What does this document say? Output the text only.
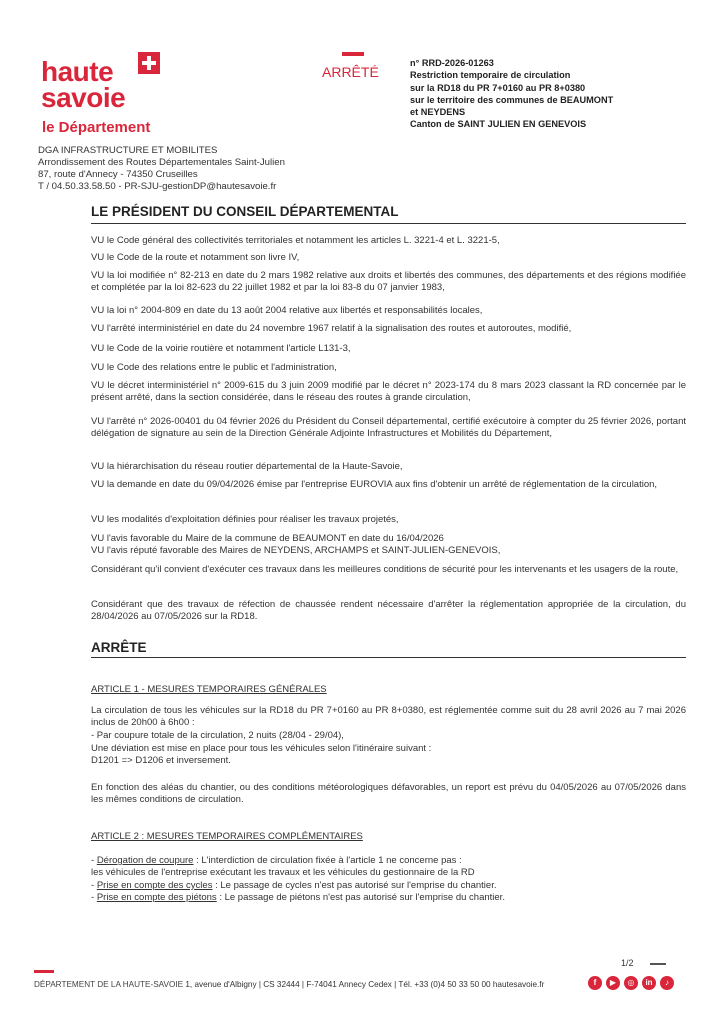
haute
savoie
le Département
ARRÊTÉ
n° RRD-2026-01263
Restriction temporaire de circulation
sur la RD18 du PR 7+0160 au PR 8+0380
sur le territoire des communes de BEAUMONT
et NEYDENS
Canton de SAINT JULIEN EN GENEVOIS
DGA INFRASTRUCTURE ET MOBILITES
Arrondissement des Routes Départementales Saint-Julien
87, route d'Annecy - 74350 Cruseilles
T / 04.50.33.58.50 - PR-SJU-gestionDP@hautesavoie.fr
LE PRÉSIDENT DU CONSEIL DÉPARTEMENTAL
VU le Code général des collectivités territoriales et notamment les articles L. 3221-4 et L. 3221-5,
VU le Code de la route et notamment son livre IV,
VU la loi modifiée n° 82-213 en date du 2 mars 1982 relative aux droits et libertés des communes, des départements et des régions modifiée et complétée par la loi 82-623 du 22 juillet 1982 et par la loi 83-8 du 07 janvier 1983,
VU la loi n° 2004-809 en date du 13 août 2004 relative aux libertés et responsabilités locales,
VU l'arrêté interministériel en date du 24 novembre 1967 relatif à la signalisation des routes et autoroutes, modifié,
VU le Code de la voirie routière et notamment l'article L131-3,
VU le Code des relations entre le public et l'administration,
VU le décret interministériel n° 2009-615 du 3 juin 2009 modifié par le décret n° 2023-174 du 8 mars 2023 classant la RD concernée par le présent arrêté, dans la section considérée, dans le réseau des routes à grande circulation,
VU l'arrêté n° 2026-00401 du 04 février 2026 du Président du Conseil départemental, certifié exécutoire à compter du 25 février 2026, portant délégation de signature au sein de la Direction Générale Adjointe Infrastructures et Mobilités du Département,
VU la hiérarchisation du réseau routier départemental de la Haute-Savoie,
VU la demande en date du 09/04/2026 émise par l'entreprise EUROVIA aux fins d'obtenir un arrêté de réglementation de la circulation,
VU les modalités d'exploitation définies pour réaliser les travaux projetés,
VU l'avis favorable du Maire de la commune de BEAUMONT en date du 16/04/2026
VU l'avis réputé favorable des Maires de NEYDENS, ARCHAMPS et SAINT-JULIEN-GENEVOIS,
Considérant qu'il convient d'exécuter ces travaux dans les meilleures conditions de sécurité pour les intervenants et les usagers de la route,
Considérant que des travaux de réfection de chaussée rendent nécessaire d'arrêter la réglementation appropriée de la circulation, du 28/04/2026 au 07/05/2026 sur la RD18.
ARRÊTE
ARTICLE 1 - MESURES TEMPORAIRES GÉNÉRALES
La circulation de tous les véhicules sur la RD18 du PR 7+0160 au PR 8+0380, est réglementée comme suit du 28 avril 2026 au 7 mai 2026 inclus de 20h00 à 6h00 :
- Par coupure totale de la circulation, 2 nuits (28/04 - 29/04),
Une déviation est mise en place pour tous les véhicules selon l'itinéraire suivant :
D1201 => D1206 et inversement.
En fonction des aléas du chantier, ou des conditions météorologiques défavorables, un report est prévu du 04/05/2026 au 07/05/2026 dans les mêmes conditions de circulation.
ARTICLE 2 : MESURES TEMPORAIRES COMPLÉMENTAIRES
- Dérogation de coupure : L'interdiction de circulation fixée à l'article 1 ne concerne pas :
les véhicules de l'entreprise exécutant les travaux et les véhicules du gestionnaire de la RD
- Prise en compte des cycles : Le passage de cycles n'est pas autorisé sur l'emprise du chantier.
- Prise en compte des piétons : Le passage de piétons n'est pas autorisé sur l'emprise du chantier.
1/2
DÉPARTEMENT DE LA HAUTE-SAVOIE 1, avenue d'Albigny | CS 32444 | F-74041 Annecy Cedex | Tél. +33 (0)4 50 33 50 00 hautesavoie.fr	f	▶	◎	in	♪
